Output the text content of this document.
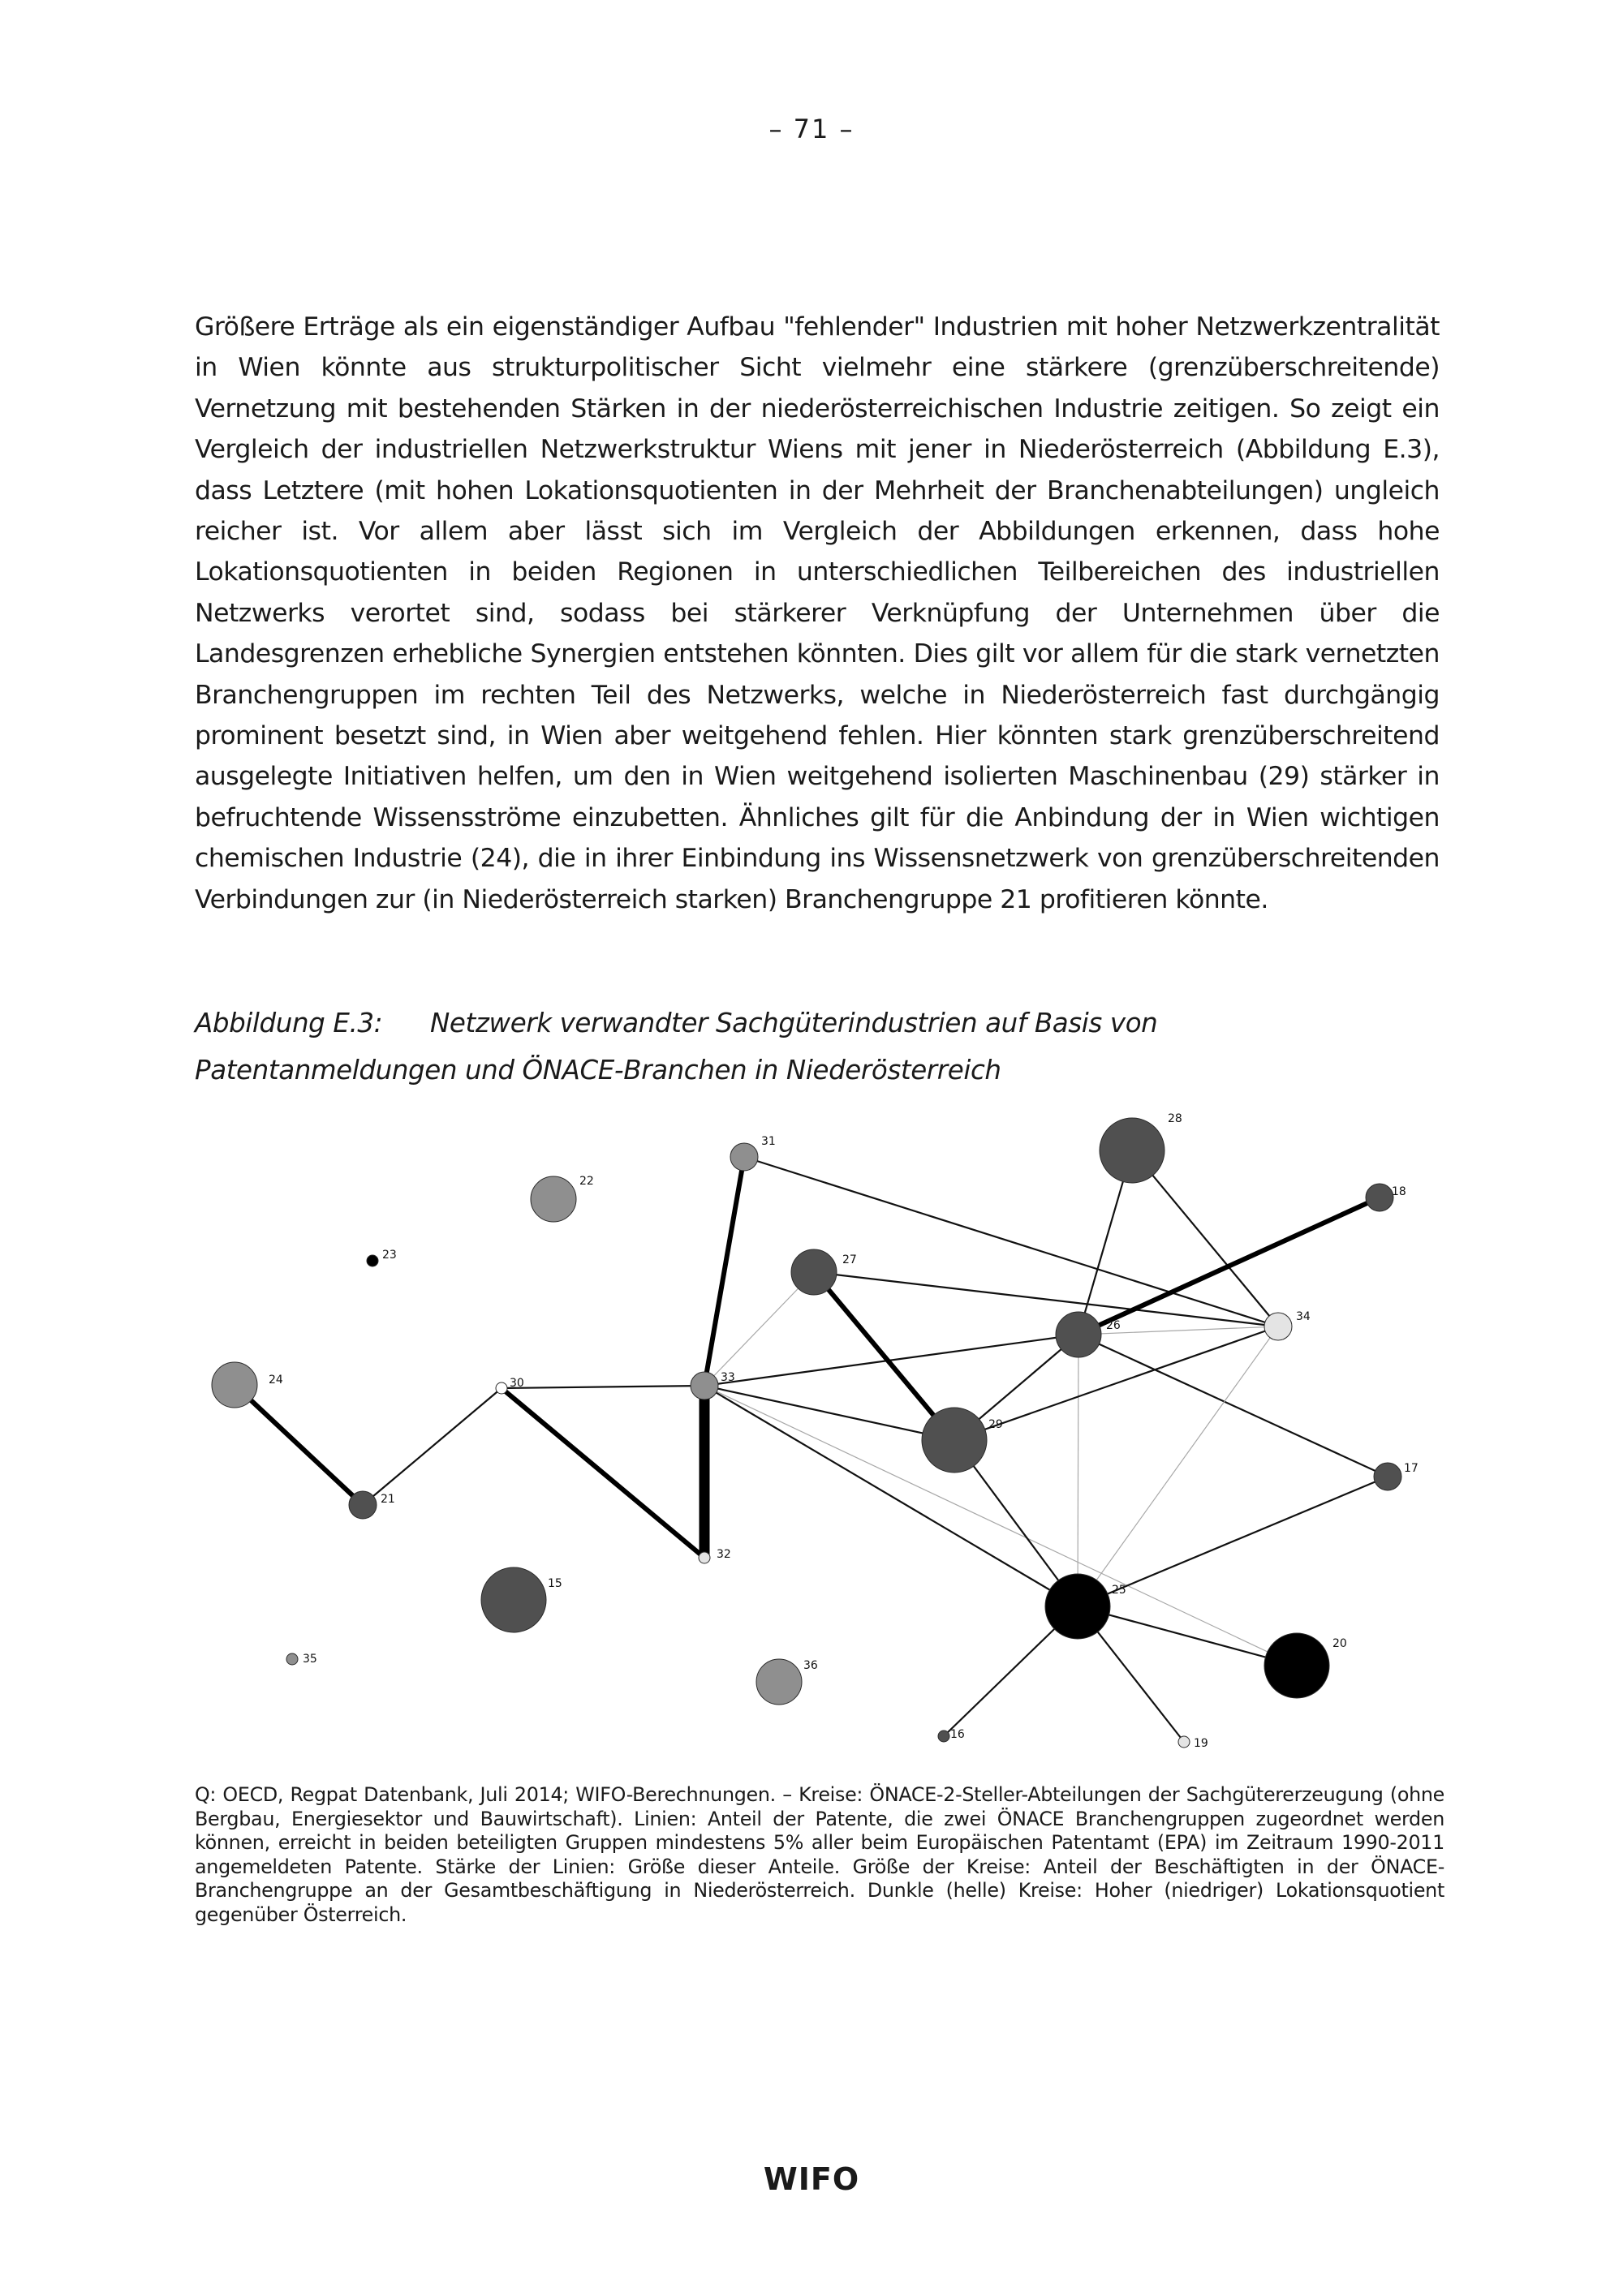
– 71 –

Größere Erträge als ein eigenständiger Aufbau "fehlender" Industrien mit hoher Netzwerkzentralität in Wien könnte aus strukturpolitischer Sicht vielmehr eine stärkere (grenzüberschreitende) Vernetzung mit bestehenden Stärken in der niederösterreichischen Industrie zeitigen. So zeigt ein Vergleich der industriellen Netzwerkstruktur Wiens mit jener in Niederösterreich (Abbildung E.3), dass Letztere (mit hohen Lokationsquotienten in der Mehrheit der Branchenabteilungen) ungleich reicher ist. Vor allem aber lässt sich im Vergleich der Abbildungen erkennen, dass hohe Lokationsquotienten in beiden Regionen in unterschiedlichen Teilbereichen des industriellen Netzwerks verortet sind, sodass bei stärkerer Verknüpfung der Unternehmen über die Landesgrenzen erhebliche Synergien entstehen könnten. Dies gilt vor allem für die stark vernetzten Branchengruppen im rechten Teil des Netzwerks, welche in Niederösterreich fast durchgängig prominent besetzt sind, in Wien aber weitgehend fehlen. Hier könnten stark grenzüberschreitend ausgelegte Initiativen helfen, um den in Wien weitgehend isolierten Maschinenbau (29) stärker in befruchtende Wissensströme einzubetten. Ähnliches gilt für die Anbindung der in Wien wichtigen chemischen Industrie (24), die in ihrer Einbindung ins Wissensnetzwerk von grenzüberschreitenden Verbindungen zur (in Niederösterreich starken) Branchengruppe 21 profitieren könnte.

Abbildung E.3: Netzwerk verwandter Sachgüterindustrien auf Basis von
Patentanmeldungen und ÖNACE-Branchen in Niederösterreich
31
28
22
18
23	27
26
34
24	30	33
29
17
21
32
15	25
20
35	36
16
19

Q: OECD, Regpat Datenbank, Juli 2014; WIFO-Berechnungen. – Kreise: ÖNACE-2-Steller-Abteilungen der Sachgütererzeugung (ohne Bergbau, Energiesektor und Bauwirtschaft). Linien: Anteil der Patente, die zwei ÖNACE Branchengruppen zugeordnet werden können, erreicht in beiden beteiligten Gruppen mindestens 5% aller beim Europäischen Patentamt (EPA) im Zeitraum 1990-2011 angemeldeten Patente. Stärke der Linien: Größe dieser Anteile. Größe der Kreise: Anteil der Beschäftigten in der ÖNACE-Branchengruppe an der Gesamtbeschäftigung in Niederösterreich. Dunkle (helle) Kreise: Hoher (niedriger) Lokationsquotient gegenüber Österreich.

WIFO
